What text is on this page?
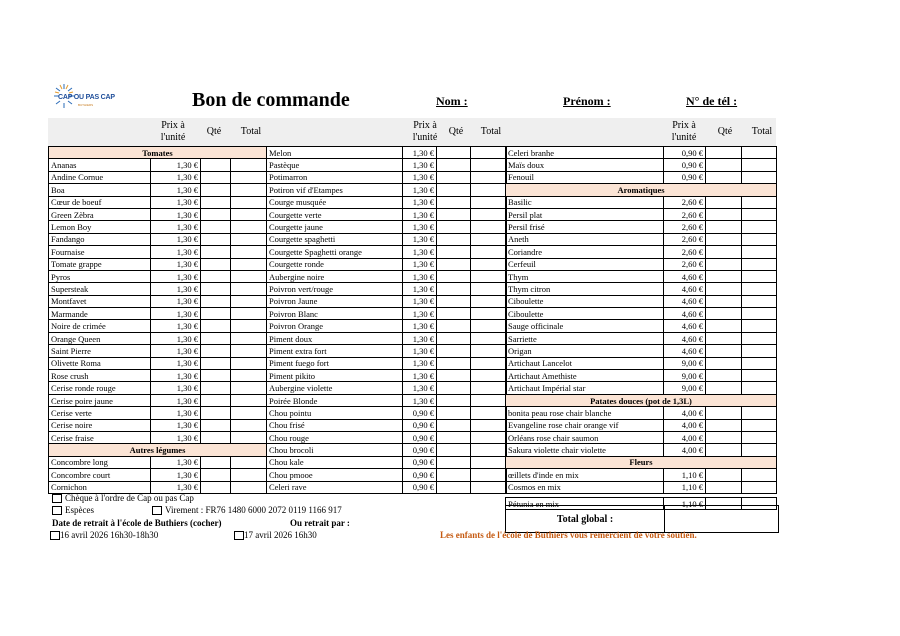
CAP OU PAS CAP
BUTHIERS	Bon de commande	Nom :	Prénom :	N° de tél :
Prix à l'unité
Qté	Total
Tomates			
Ananas	1,30 €		
Andine Cornue	1,30 €		
Boa	1,30 €		
Cœur de boeuf	1,30 €		
Green Zèbra	1,30 €		
Lemon Boy	1,30 €		
Fandango	1,30 €		
Fournaise	1,30 €		
Tomate grappe	1,30 €		
Pyros	1,30 €		
Supersteak	1,30 €		
Montfavet	1,30 €		
Marmande	1,30 €		
Noire de crimée	1,30 €		
Orange Queen	1,30 €		
Saint Pierre	1,30 €		
Olivette Roma	1,30 €		
Rose crush	1,30 €		
Cerise ronde rouge	1,30 €		
Cerise poire jaune	1,30 €		
Cerise verte	1,30 €		
Cerise noire	1,30 €		
Cerise fraise	1,30 €		
Autres légumes			
Concombre long	1,30 €		
Concombre court	1,30 €		
Cornichon	1,30 €		
Prix à l'unité
Qté	Total
Melon	1,30 €		
Pastèque	1,30 €		
Potimarron	1,30 €		
Potiron vif d'Etampes	1,30 €		
Courge musquée	1,30 €		
Courgette verte	1,30 €		
Courgette jaune	1,30 €		
Courgette spaghetti	1,30 €		
Courgette Spaghetti orange	1,30 €		
Courgette ronde	1,30 €		
Aubergine noire	1,30 €		
Poivron vert/rouge	1,30 €		
Poivron Jaune	1,30 €		
Poivron Blanc	1,30 €		
Poivron Orange	1,30 €		
Piment doux	1,30 €		
Piment extra fort	1,30 €		
Piment fuego fort	1,30 €		
Piment pikito	1,30 €		
Aubergine violette	1,30 €		
Poirée Blonde	1,30 €		
Chou pointu	0,90 €		
Chou frisé	0,90 €		
Chou rouge	0,90 €		
Chou brocoli	0,90 €		
Chou kale	0,90 €		
Chou pmooe	0,90 €		
Celeri rave	0,90 €		
Prix à l'unité
Qté	Total
Celeri branhe	0,90 €		
Maïs doux	0,90 €		
Fenouil	0,90 €		
Aromatiques			
Basilic	2,60 €		
Persil plat	2,60 €		
Persil frisé	2,60 €		
Aneth	2,60 €		
Coriandre	2,60 €		
Cerfeuil	2,60 €		
Thym	4,60 €		
Thym citron	4,60 €		
Ciboulette	4,60 €		
Ciboulette	4,60 €		
Sauge officinale	4,60 €		
Sarriette	4,60 €		
Origan	4,60 €		
Artichaut Lancelot	9,00 €		
Artichaut Amethiste	9,00 €		
Artichaut Impérial star	9,00 €		
Patates douces (pot de 1,3L)			
bonita peau rose chair blanche	4,00 €		
Evangeline rose chair orange vif	4,00 €		
Orléans rose chair saumon	4,00 €		
Sakura violette chair violette	4,00 €		
Fleurs			
œillets d'inde en mix	1,10 €		
Cosmos en mix	1,10 €		

Pétunia en mix	1,10 €		
Chèque à l'ordre de Cap ou pas Cap
Espèces	Virement : FR76 1480 6000 2072 0119 1166 917
Date de retrait à l'école de Buthiers (cocher)	Ou retrait par :
16 avril 2026 16h30-18h30	17 avril 2026 16h30
Total global :	
Les enfants de l'école de Buthiers vous remercient de votre soutien.
